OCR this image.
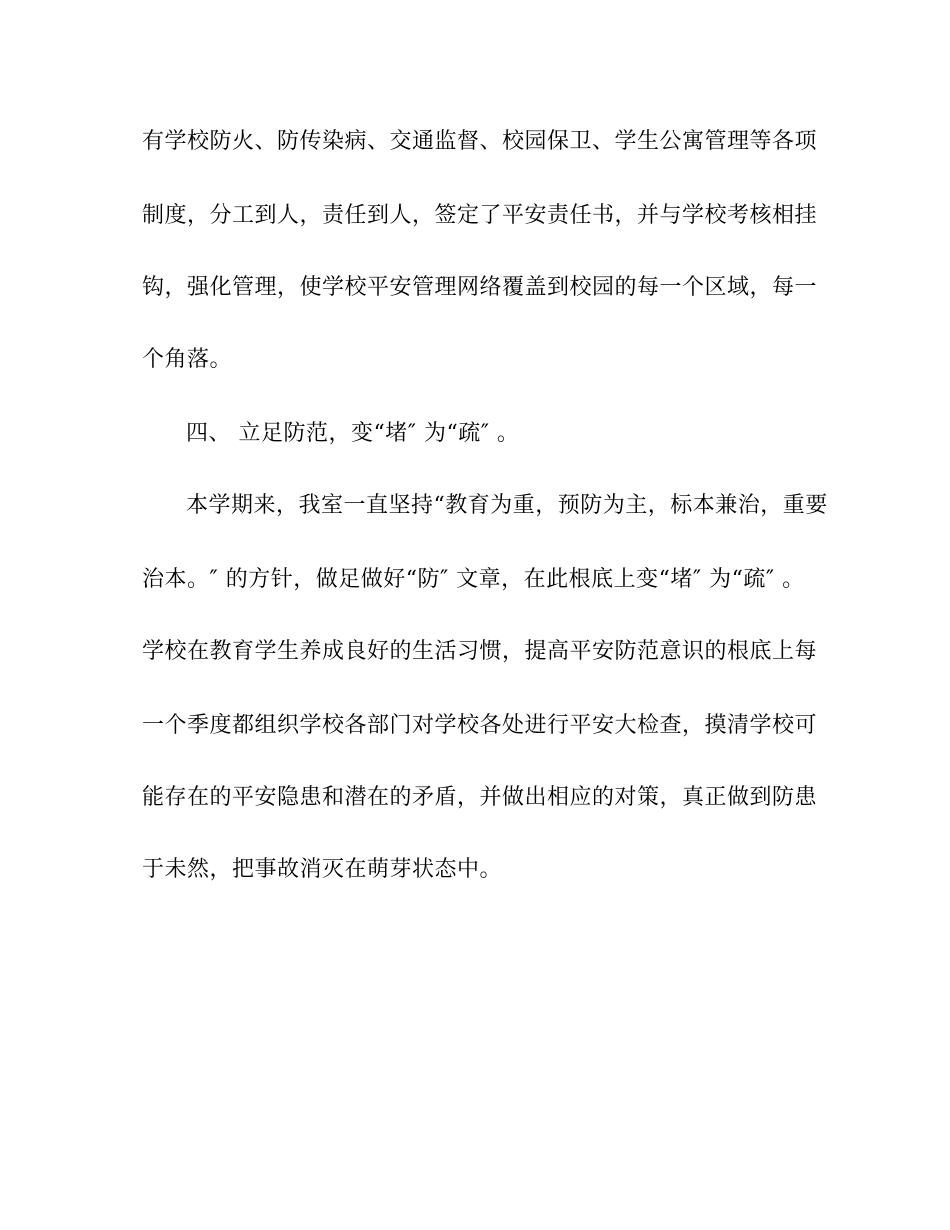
有学校防火、防传染病、交通监督、校园保卫、学生公寓管理等各项
制度，分工到人，责任到人，签定了平安责任书，并与学校考核相挂
钩，强化管理，使学校平安管理网络覆盖到校园的每一个区域，每一
个角落。
四、 立足防范，变“堵″ 为“疏″ 。
本学期来，我室一直坚持“教育为重，预防为主，标本兼治，重要
治本。″ 的方针，做足做好“防″ 文章，在此根底上变“堵″ 为“疏″ 。
学校在教育学生养成良好的生活习惯，提高平安防范意识的根底上每
一个季度都组织学校各部门对学校各处进行平安大检查，摸清学校可
能存在的平安隐患和潜在的矛盾，并做出相应的对策，真正做到防患
于未然，把事故消灭在萌芽状态中。
